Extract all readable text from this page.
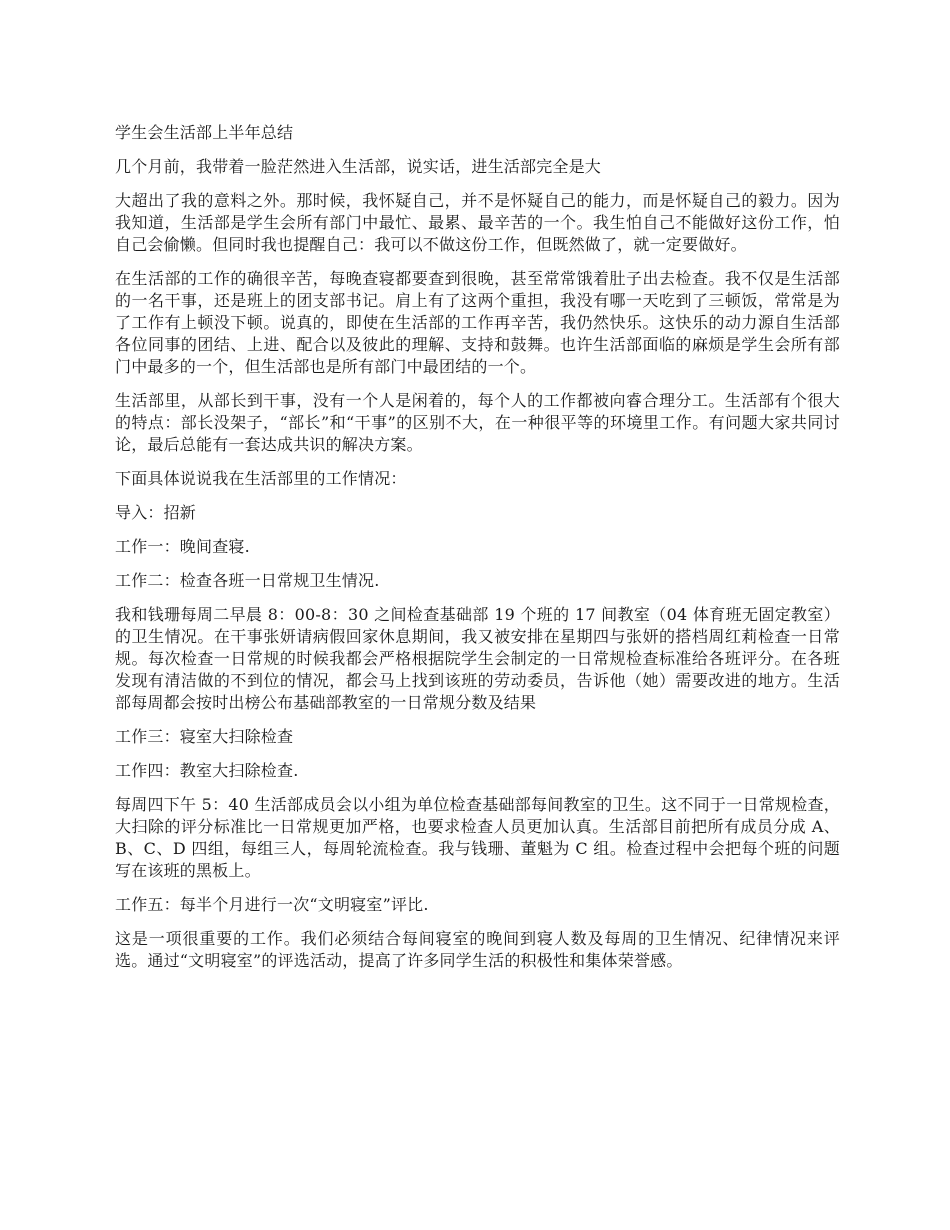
学生会生活部上半年总结

几个月前，我带着一脸茫然进入生活部，说实话，进生活部完全是大

大超出了我的意料之外。那时候，我怀疑自己，并不是怀疑自己的能力，而是怀疑自己的毅力。因为我知道，生活部是学生会所有部门中最忙、最累、最辛苦的一个。我生怕自己不能做好这份工作，怕自己会偷懒。但同时我也提醒自己：我可以不做这份工作，但既然做了，就一定要做好。

在生活部的工作的确很辛苦，每晚查寝都要查到很晚，甚至常常饿着肚子出去检查。我不仅是生活部的一名干事，还是班上的团支部书记。肩上有了这两个重担，我没有哪一天吃到了三顿饭，常常是为了工作有上顿没下顿。说真的，即使在生活部的工作再辛苦，我仍然快乐。这快乐的动力源自生活部各位同事的团结、上进、配合以及彼此的理解、支持和鼓舞。也许生活部面临的麻烦是学生会所有部门中最多的一个，但生活部也是所有部门中最团结的一个。

生活部里，从部长到干事，没有一个人是闲着的，每个人的工作都被向睿合理分工。生活部有个很大的特点：部长没架子，“部长”和“干事”的区别不大，在一种很平等的环境里工作。有问题大家共同讨论，最后总能有一套达成共识的解决方案。

下面具体说说我在生活部里的工作情况：

导入：招新

工作一：晚间查寝.

工作二：检查各班一日常规卫生情况.

我和钱珊每周二早晨 8：00-8：30 之间检查基础部 19 个班的 17 间教室（04 体育班无固定教室）的卫生情况。在干事张妍请病假回家休息期间，我又被安排在星期四与张妍的搭档周红莉检查一日常规。每次检查一日常规的时候我都会严格根据院学生会制定的一日常规检查标准给各班评分。在各班发现有清洁做的不到位的情况，都会马上找到该班的劳动委员，告诉他（她）需要改进的地方。生活部每周都会按时出榜公布基础部教室的一日常规分数及结果

工作三：寝室大扫除检查

工作四：教室大扫除检查.

每周四下午 5：40 生活部成员会以小组为单位检查基础部每间教室的卫生。这不同于一日常规检查，大扫除的评分标准比一日常规更加严格，也要求检查人员更加认真。生活部目前把所有成员分成 A、B、C、D 四组，每组三人，每周轮流检查。我与钱珊、董魁为 C 组。检查过程中会把每个班的问题写在该班的黑板上。

工作五：每半个月进行一次“文明寝室”评比.

这是一项很重要的工作。我们必须结合每间寝室的晚间到寝人数及每周的卫生情况、纪律情况来评选。通过“文明寝室”的评选活动，提高了许多同学生活的积极性和集体荣誉感。
